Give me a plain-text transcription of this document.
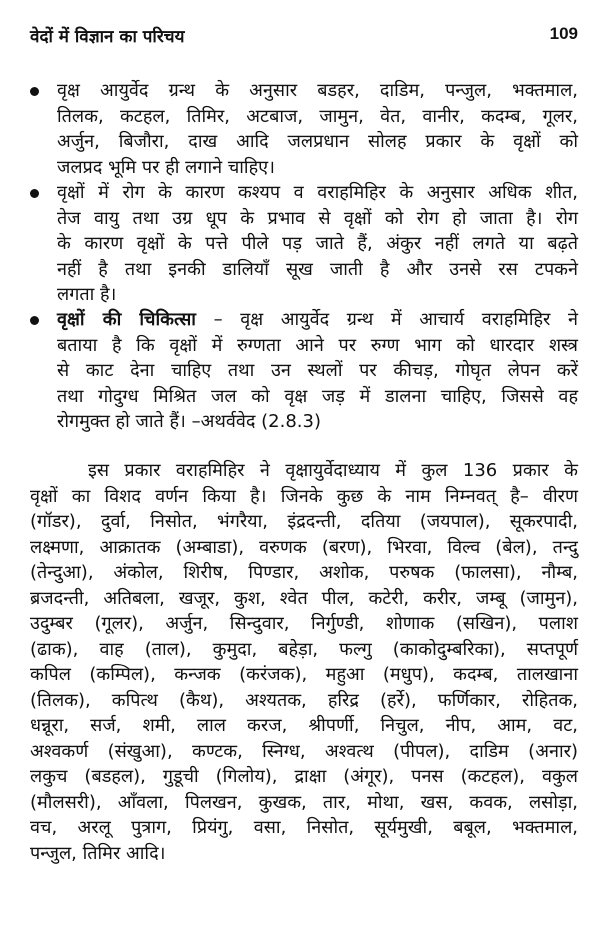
वेदों में विज्ञान का परिचय	109
वृक्ष आयुर्वेद ग्रन्थ के अनुसार बडहर, दाडिम, पन्जुल, भक्तमाल,
तिलक, कटहल, तिमिर, अटबाज, जामुन, वेत, वानीर, कदम्ब, गूलर,
अर्जुन, बिजौरा, दाख आदि जलप्रधान सोलह प्रकार के वृक्षों को
जलप्रद भूमि पर ही लगाने चाहिए।
वृक्षों में रोग के कारण कश्यप व वराहमिहिर के अनुसार अधिक शीत,
तेज वायु तथा उग्र धूप के प्रभाव से वृक्षों को रोग हो जाता है। रोग
के कारण वृक्षों के पत्ते पीले पड़ जाते हैं, अंकुर नहीं लगते या बढ़ते
नहीं है तथा इनकी डालियाँ सूख जाती है और उनसे रस टपकने
लगता है।
वृक्षों की चिकित्सा – वृक्ष आयुर्वेद ग्रन्थ में आचार्य वराहमिहिर ने
बताया है कि वृक्षों में रुग्णता आने पर रुग्ण भाग को धारदार शस्त्र
से काट देना चाहिए तथा उन स्थलों पर कीचड़, गोघृत लेपन करें
तथा गोदुग्ध मिश्रित जल को वृक्ष जड़ में डालना चाहिए, जिससे वह
रोगमुक्त हो जाते हैं। –अथर्ववेद (2.8.3)
इस प्रकार वराहमिहिर ने वृक्षायुर्वेदाध्याय में कुल 136 प्रकार के
वृक्षों का विशद वर्णन किया है। जिनके कुछ के नाम निम्नवत् है– वीरण
(गॉडर), दुर्वा, निसोत, भंगरैया, इंद्रदन्ती, दतिया (जयपाल), सूकरपादी,
लक्ष्मणा, आक्रातक (अम्बाडा), वरुणक (बरण), भिरवा, विल्व (बेल), तन्दु
(तेन्दुआ), अंकोल, शिरीष, पिण्डार, अशोक, परुषक (फालसा), नौम्ब,
ब्रजदन्ती, अतिबला, खजूर, कुश, श्वेत पील, कटेरी, करीर, जम्बू (जामुन),
उदुम्बर (गूलर), अर्जुन, सिन्दुवार, निर्गुण्डी, शोणाक (सखिन), पलाश
(ढाक), वाह (ताल), कुमुदा, बहेड़ा, फल्गु (काकोदुम्बरिका), सप्तपूर्ण
कपिल (कम्पिल), कन्जक (करंजक), महुआ (मधुप), कदम्ब, तालखाना
(तिलक), कपित्थ (कैथ), अश्यतक, हरिद्र (हर्रे), फर्णिकार, रोहितक,
धन्नूरा, सर्ज, शमी, लाल करज, श्रीपर्णी, निचुल, नीप, आम, वट,
अश्वकर्ण (संखुआ), कण्टक, स्निग्ध, अश्वत्थ (पीपल), दाडिम (अनार)
लकुच (बडहल), गुडूची (गिलोय), द्राक्षा (अंगूर), पनस (कटहल), वकुल
(मौलसरी), आँवला, पिलखन, कुखक, तार, मोथा, खस, कवक, लसोड़ा,
वच, अरलू पुत्राग, प्रियंगु, वसा, निसोत, सूर्यमुखी, बबूल, भक्तमाल,
पन्जुल, तिमिर आदि।
